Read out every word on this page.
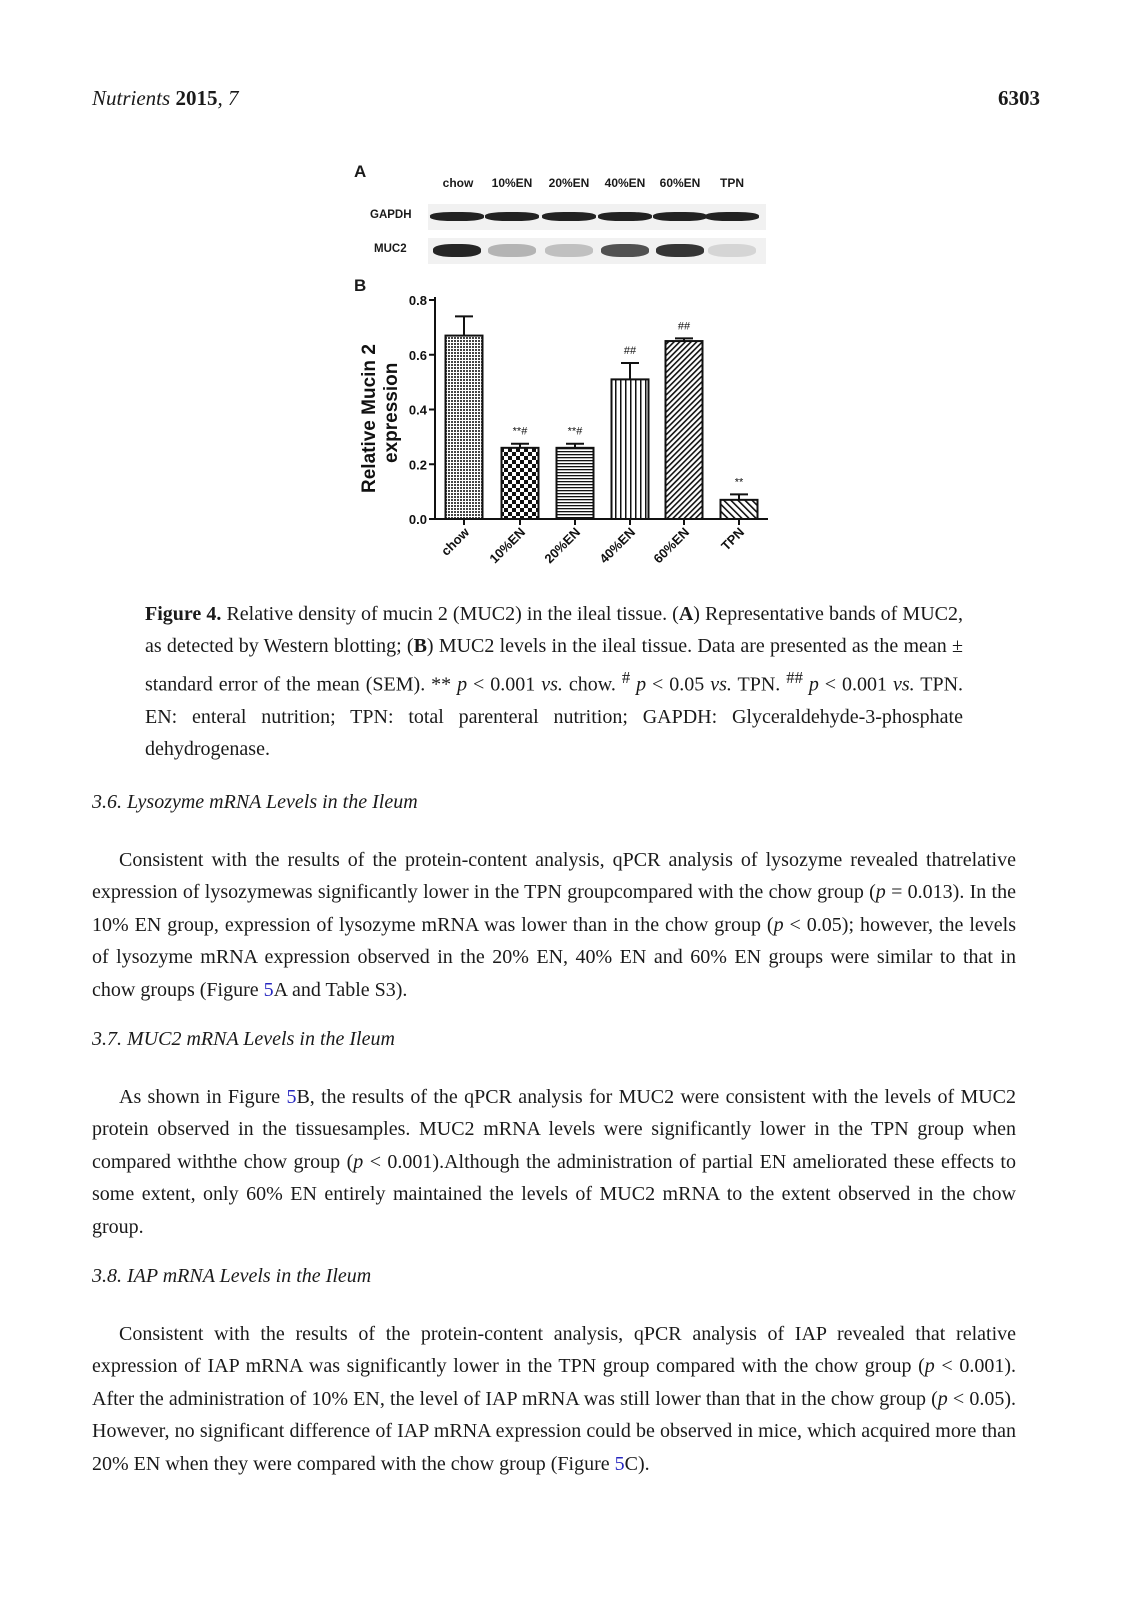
Nutrients 2015, 7	6303
A
chow	10%EN	20%EN	40%EN	60%EN	TPN
GAPDH
MUC2
B
Relative Mucin 2 expression
0.0
0.2
0.4
0.6
0.8
chow
**#
10%EN
**#
20%EN
##
40%EN
##
60%EN
**
TPN
Figure 4. Relative density of mucin 2 (MUC2) in the ileal tissue. (A) Representative bands of MUC2, as detected by Western blotting; (B) MUC2 levels in the ileal tissue. Data are presented as the mean ± standard error of the mean (SEM). ** p < 0.001 vs. chow. # p < 0.05 vs. TPN. ## p < 0.001 vs. TPN. EN: enteral nutrition; TPN: total parenteral nutrition; GAPDH: Glyceraldehyde-3-phosphate dehydrogenase.
3.6. Lysozyme mRNA Levels in the Ileum
Consistent with the results of the protein-content analysis, qPCR analysis of lysozyme revealed thatrelative expression of lysozymewas significantly lower in the TPN groupcompared with the chow group (p = 0.013). In the 10% EN group, expression of lysozyme mRNA was lower than in the chow group (p < 0.05); however, the levels of lysozyme mRNA expression observed in the 20% EN, 40% EN and 60% EN groups were similar to that in chow groups (Figure 5A and Table S3).
3.7. MUC2 mRNA Levels in the Ileum
As shown in Figure 5B, the results of the qPCR analysis for MUC2 were consistent with the levels of MUC2 protein observed in the tissuesamples. MUC2 mRNA levels were significantly lower in the TPN group when compared withthe chow group (p < 0.001).Although the administration of partial EN ameliorated these effects to some extent, only 60% EN entirely maintained the levels of MUC2 mRNA to the extent observed in the chow group.
3.8. IAP mRNA Levels in the Ileum
Consistent with the results of the protein-content analysis, qPCR analysis of IAP revealed that relative expression of IAP mRNA was significantly lower in the TPN group compared with the chow group (p < 0.001). After the administration of 10% EN, the level of IAP mRNA was still lower than that in the chow group (p < 0.05). However, no significant difference of IAP mRNA expression could be observed in mice, which acquired more than 20% EN when they were compared with the chow group (Figure 5C).
